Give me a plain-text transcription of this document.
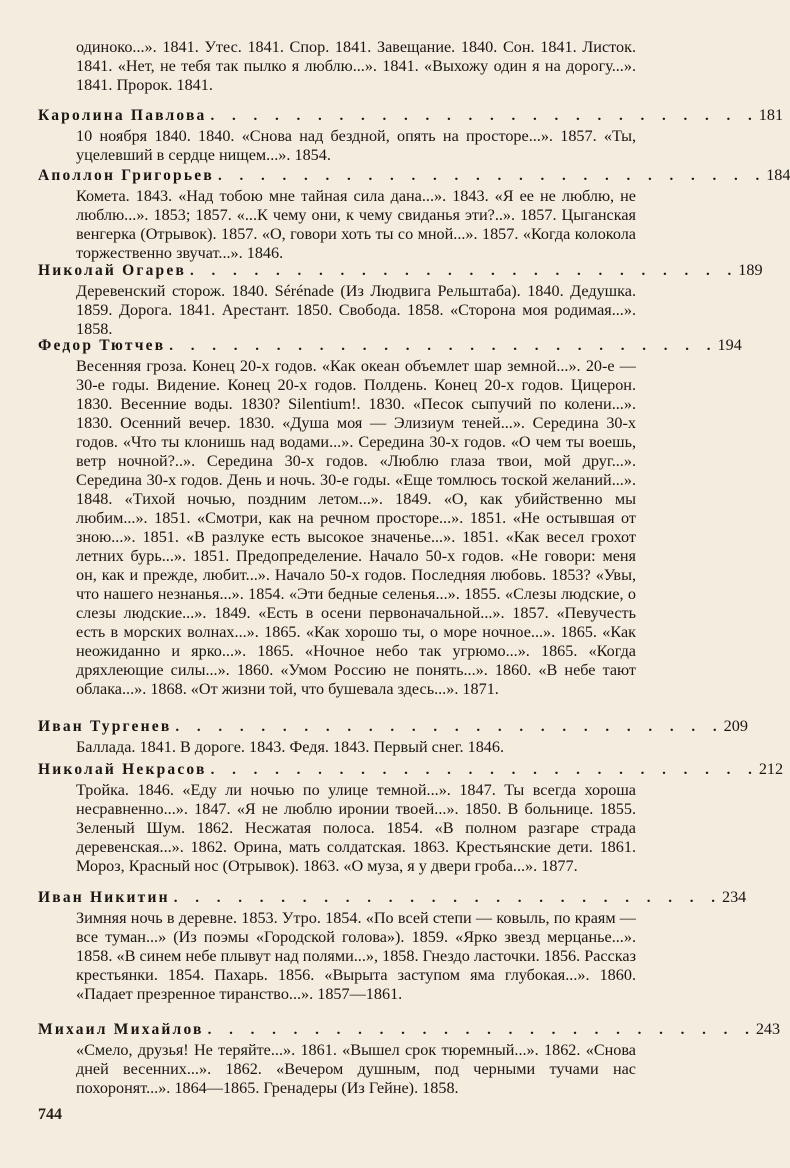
одиноко...». 1841. Утес. 1841. Спор. 1841. Завещание. 1840. Сон. 1841. Листок. 1841. «Нет, не тебя так пылко я люблю...». 1841. «Выхожу один я на дорогу...». 1841. Пророк. 1841.
Каролина Павлова . . . . . . . . . . . . . . . . . . . . . . . . . . 181
10 ноября 1840. 1840. «Снова над бездной, опять на просторе...». 1857. «Ты, уцелевший в сердце нищем...». 1854.
Аполлон Григорьев . . . . . . . . . . . . . . . . . . . . . . . . . . 184
Комета. 1843. «Над тобою мне тайная сила дана...». 1843. «Я ее не люблю, не люблю...». 1853; 1857. «...К чему они, к чему свиданья эти?..». 1857. Цыганская венгерка (Отрывок). 1857. «О, говори хоть ты со мной...». 1857. «Когда колокола торжественно звучат...». 1846.
Николай Огарев . . . . . . . . . . . . . . . . . . . . . . . . . . 189
Деревенский сторож. 1840. Sérénade (Из Людвига Рельштаба). 1840. Дедушка. 1859. Дорога. 1841. Арестант. 1850. Свобода. 1858. «Сторона моя родимая...». 1858.
Федор Тютчев . . . . . . . . . . . . . . . . . . . . . . . . . . 194
Весенняя гроза. Конец 20-х годов. «Как океан объемлет шар земной...». 20-е — 30-е годы. Видение. Конец 20-х годов. Полдень. Конец 20-х годов. Цицерон. 1830. Весенние воды. 1830? Silentium!. 1830. «Песок сыпучий по колени...». 1830. Осенний вечер. 1830. «Душа моя — Элизиум теней...». Середина 30-х годов. «Что ты клонишь над водами...». Середина 30-х годов. «О чем ты воешь, ветр ночной?..». Середина 30-х годов. «Люблю глаза твои, мой друг...». Середина 30-х годов. День и ночь. 30-е годы. «Еще томлюсь тоской желаний...». 1848. «Тихой ночью, поздним летом...». 1849. «О, как убийственно мы любим...». 1851. «Смотри, как на речном просторе...». 1851. «Не остывшая от зною...». 1851. «В разлуке есть высокое значенье...». 1851. «Как весел грохот летних бурь...». 1851. Предопределение. Начало 50-х годов. «Не говори: меня он, как и прежде, любит...». Начало 50-х годов. Последняя любовь. 1853? «Увы, что нашего незнанья...». 1854. «Эти бедные селенья...». 1855. «Слезы людские, о слезы людские...». 1849. «Есть в осени первоначальной...». 1857. «Певучесть есть в морских волнах...». 1865. «Как хорошо ты, о море ночное...». 1865. «Как неожиданно и ярко...». 1865. «Ночное небо так угрюмо...». 1865. «Когда дряхлеющие силы...». 1860. «Умом Россию не понять...». 1860. «В небе тают облака...». 1868. «От жизни той, что бушевала здесь...». 1871.
Иван Тургенев . . . . . . . . . . . . . . . . . . . . . . . . . . 209
Баллада. 1841. В дороге. 1843. Федя. 1843. Первый снег. 1846.
Николай Некрасов . . . . . . . . . . . . . . . . . . . . . . . . . . 212
Тройка. 1846. «Еду ли ночью по улице темной...». 1847. Ты всегда хороша несравненно...». 1847. «Я не люблю иронии твоей...». 1850. В больнице. 1855. Зеленый Шум. 1862. Несжатая полоса. 1854. «В полном разгаре страда деревенская...». 1862. Орина, мать солдатская. 1863. Крестьянские дети. 1861. Мороз, Красный нос (Отрывок). 1863. «О муза, я у двери гроба...». 1877.
Иван Никитин . . . . . . . . . . . . . . . . . . . . . . . . . . 234
Зимняя ночь в деревне. 1853. Утро. 1854. «По всей степи — ковыль, по краям — все туман...» (Из поэмы «Городской голова»). 1859. «Ярко звезд мерцанье...». 1858. «В синем небе плывут над полями...», 1858. Гнездо ласточки. 1856. Рассказ крестьянки. 1854. Пахарь. 1856. «Вырыта заступом яма глубокая...». 1860. «Падает презренное тиранство...». 1857—1861.
Михаил Михайлов . . . . . . . . . . . . . . . . . . . . . . . . . . 243
«Смело, друзья! Не теряйте...». 1861. «Вышел срок тюремный...». 1862. «Снова дней весенних...». 1862. «Вечером душным, под черными тучами нас похоронят...». 1864—1865. Гренадеры (Из Гейне). 1858.
744
